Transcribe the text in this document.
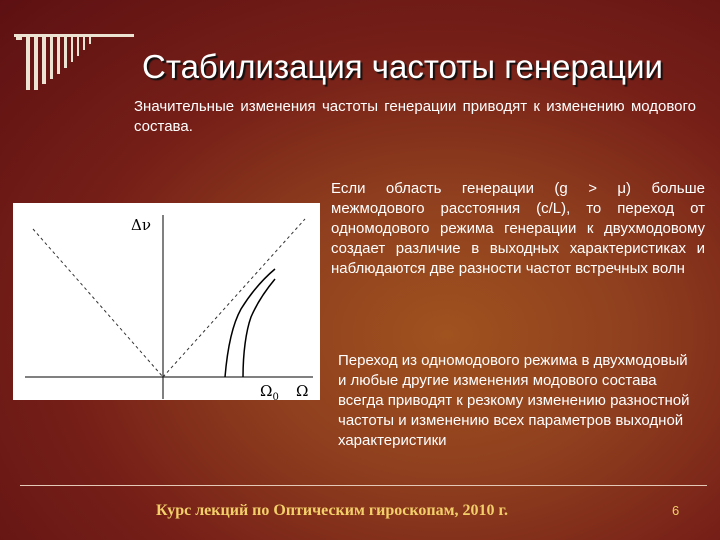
Стабилизация частоты генерации
Значительные изменения частоты генерации приводят к изменению модового состава.
Δν
$\Omega_0$ Ω
Если область генерации (g > μ) больше межмодового расстояния (c/L), то переход от одномодового режима генерации к двухмодовому создает различие в выходных характеристиках и наблюдаются две разности частот встречных волн
Переход из одномодового режима в двухмодовый и любые другие изменения модового состава всегда приводят к резкому изменению разностной частоты и изменению всех параметров выходной характеристики
Курс лекций по Оптическим гироскопам, 2010 г.	6
